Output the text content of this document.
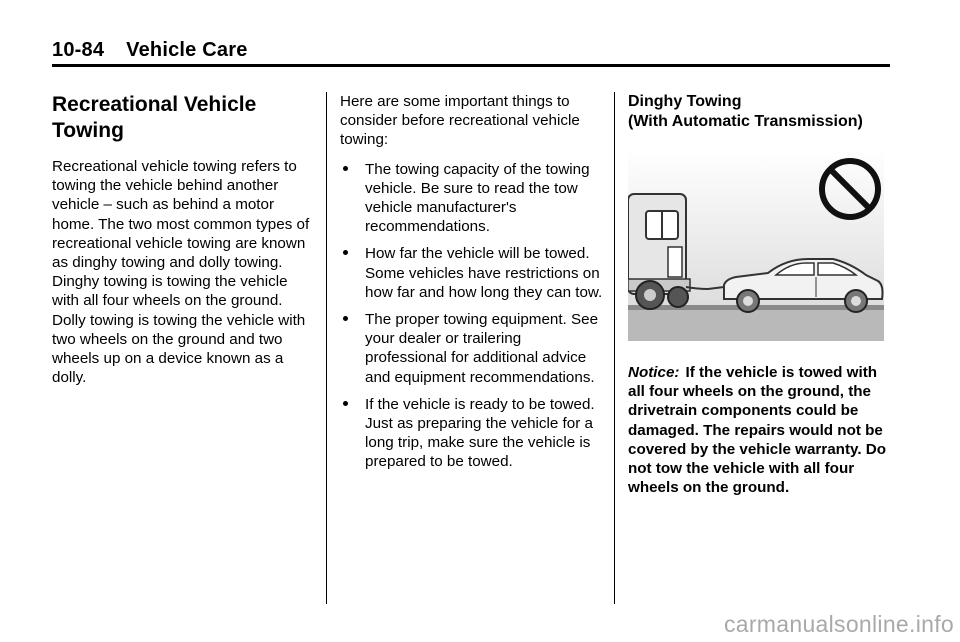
10-84 Vehicle Care
Recreational Vehicle
Towing

Recreational vehicle towing refers to towing the vehicle behind another vehicle – such as behind a motor home. The two most common types of recreational vehicle towing are known as dinghy towing and dolly towing. Dinghy towing is towing the vehicle with all four wheels on the ground. Dolly towing is towing the vehicle with two wheels on the ground and two wheels up on a device known as a dolly.

Here are some important things to consider before recreational vehicle towing:

The towing capacity of the towing vehicle. Be sure to read the tow vehicle manufacturer's recommendations.
How far the vehicle will be towed. Some vehicles have restrictions on how far and how long they can tow.
The proper towing equipment. See your dealer or trailering professional for additional advice and equipment recommendations.
If the vehicle is ready to be towed. Just as preparing the vehicle for a long trip, make sure the vehicle is prepared to be towed.
Dinghy Towing
(With Automatic Transmission)

Notice: If the vehicle is towed with all four wheels on the ground, the drivetrain components could be damaged. The repairs would not be covered by the vehicle warranty. Do not tow the vehicle with all four wheels on the ground.

carmanualsonline.info
